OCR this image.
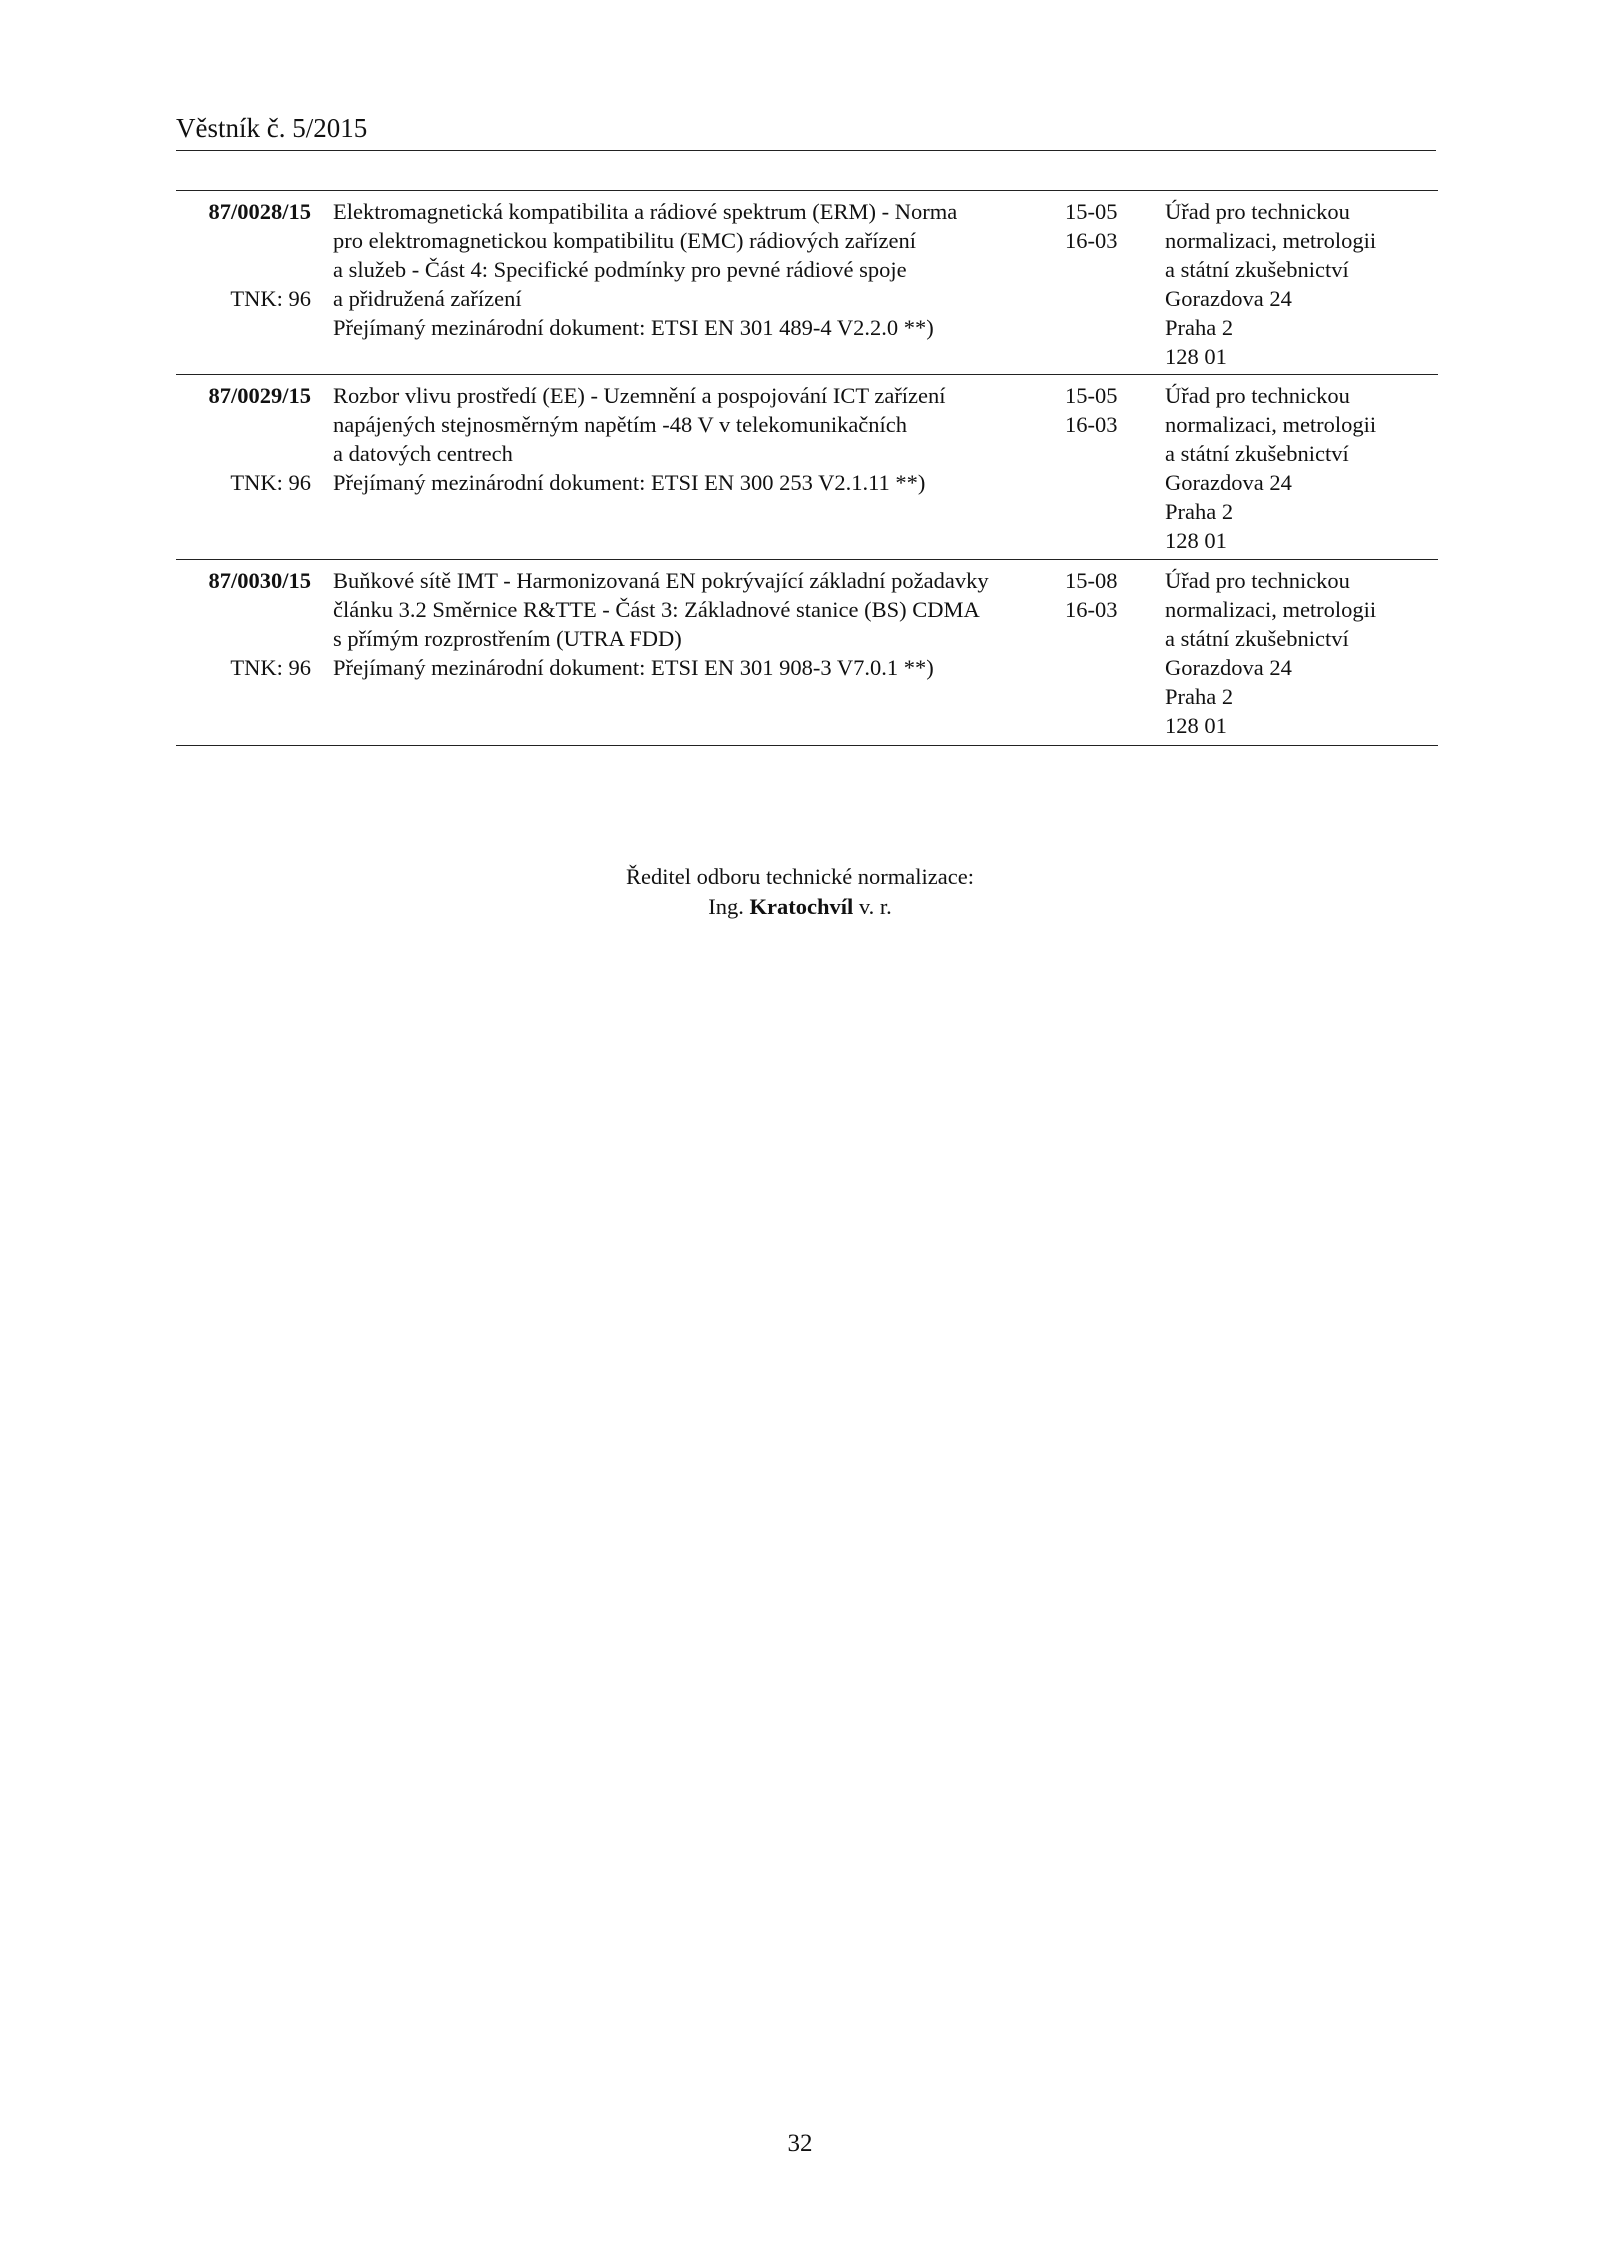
Věstník č. 5/2015
87/0028/15
TNK: 96
Elektromagnetická kompatibilita a rádiové spektrum (ERM) - Norma
pro elektromagnetickou kompatibilitu (EMC) rádiových zařízení
a služeb - Část 4: Specifické podmínky pro pevné rádiové spoje
a přidružená zařízení
Přejímaný mezinárodní dokument: ETSI EN 301 489-4 V2.2.0 **)
15-05
16-03
Úřad pro technickou
normalizaci, metrologii
a státní zkušebnictví
Gorazdova 24
Praha 2
128 01
87/0029/15
TNK: 96
Rozbor vlivu prostředí (EE) - Uzemnění a pospojování ICT zařízení
napájených stejnosměrným napětím -48 V v telekomunikačních
a datových centrech
Přejímaný mezinárodní dokument: ETSI EN 300 253 V2.1.11 **)
15-05
16-03
Úřad pro technickou
normalizaci, metrologii
a státní zkušebnictví
Gorazdova 24
Praha 2
128 01
87/0030/15
TNK: 96
Buňkové sítě IMT - Harmonizovaná EN pokrývající základní požadavky
článku 3.2 Směrnice R&TTE - Část 3: Základnové stanice (BS) CDMA
s přímým rozprostřením (UTRA FDD)
Přejímaný mezinárodní dokument: ETSI EN 301 908-3 V7.0.1 **)
15-08
16-03
Úřad pro technickou
normalizaci, metrologii
a státní zkušebnictví
Gorazdova 24
Praha 2
128 01
Ředitel odboru technické normalizace:
Ing. Kratochvíl v. r.
32
